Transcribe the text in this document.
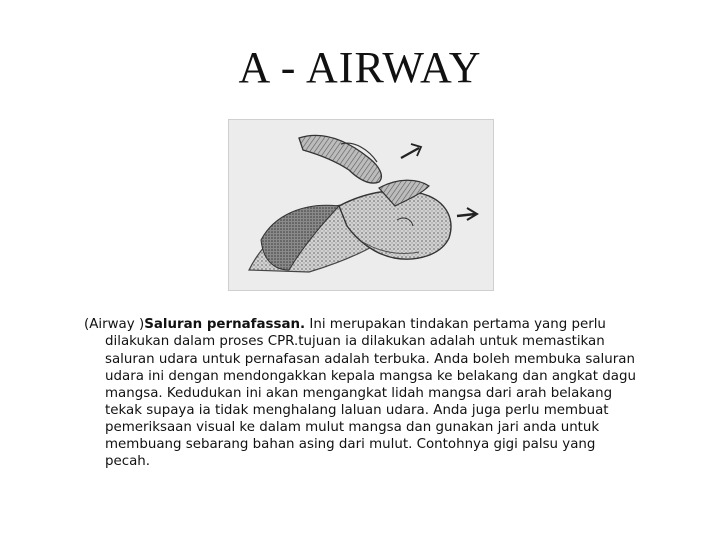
A - AIRWAY

(Airway )Saluran pernafassan. Ini merupakan tindakan pertama yang perlu dilakukan dalam proses CPR.tujuan ia dilakukan adalah untuk memastikan saluran udara untuk pernafasan adalah terbuka. Anda boleh membuka saluran udara ini dengan mendongakkan kepala mangsa ke belakang dan angkat dagu mangsa. Kedudukan ini akan mengangkat lidah mangsa dari arah belakang tekak supaya ia tidak menghalang laluan udara. Anda juga perlu membuat pemeriksaan visual ke dalam mulut mangsa dan gunakan jari anda untuk membuang sebarang bahan asing dari mulut. Contohnya gigi palsu yang pecah.
